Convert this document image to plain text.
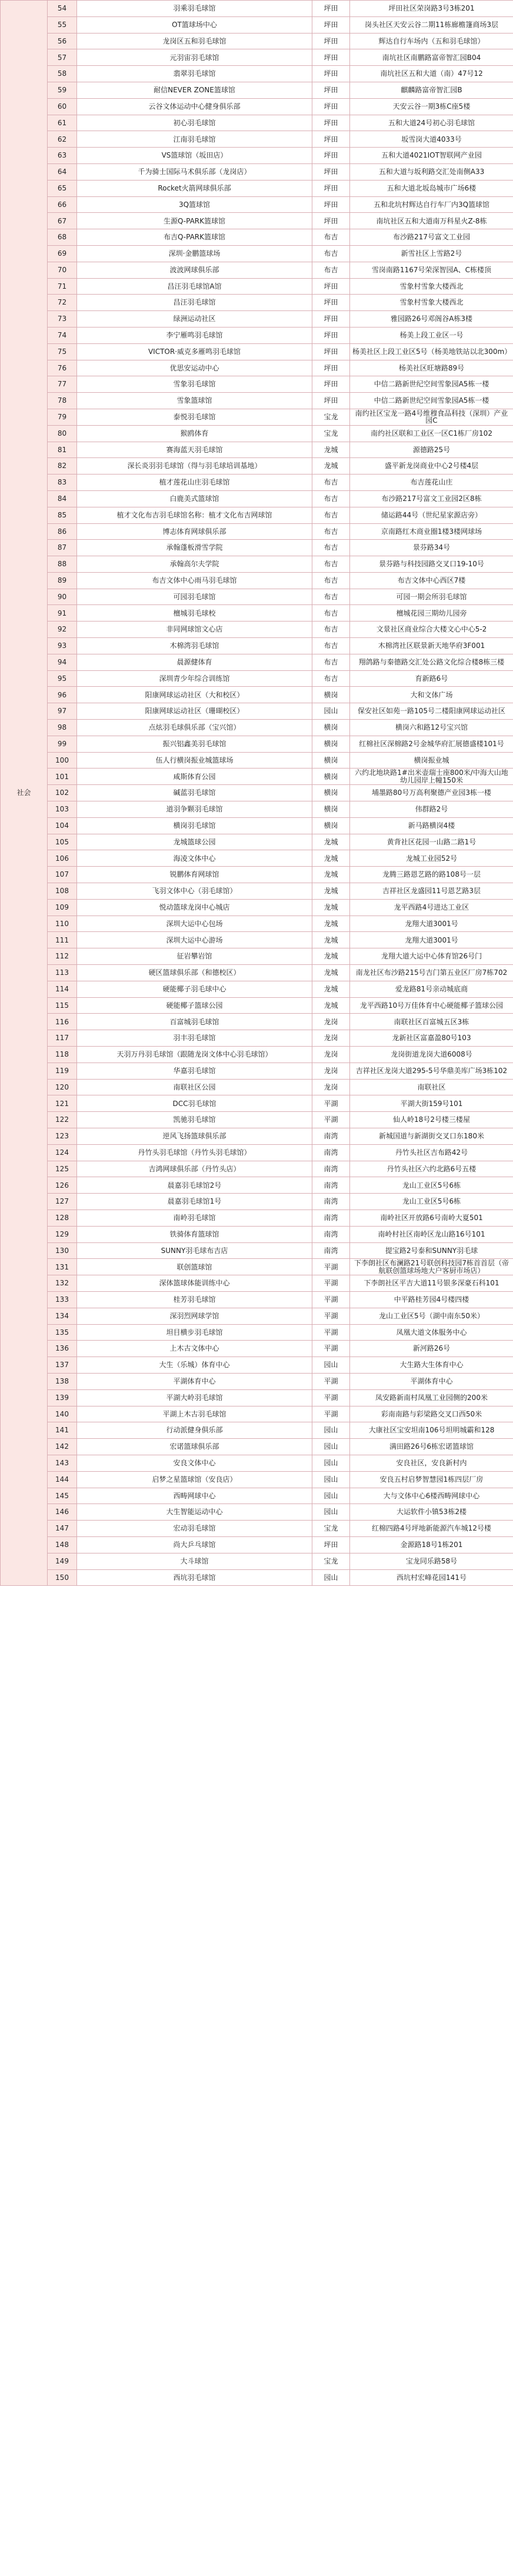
社会	54	羽乘羽毛球馆	坪田	坪田社区荣岗路3号3栋201
	55	OT篮球场中心	坪田	岗头社区天安云谷二期11栋廊檐篷商场3层
	56	龙岗区五和羽毛球馆	坪田	辉达自行车场内（五和羽毛球馆）
	57	元羽宙羽毛球馆	坪田	南坑社区南鹏路富帝智汇园B04
	58	翡翠羽毛球馆	坪田	南坑社区五和大道（南）47号12
	59	耐信NEVER ZONE篮球馆	坪田	麒麟路富帝智汇园B
	60	云谷文体运动中心健身俱乐部	坪田	天安云谷一期3栋C座5楼
	61	初心羽毛球馆	坪田	五和大道24号初心羽毛球馆
	62	江南羽毛球馆	坪田	坂雪岗大道4033号
	63	VS篮球馆（坂田店）	坪田	五和大道4021IOT智联网产业园
	64	千为骑士国际马术俱乐部（龙岗店）	坪田	五和大道与坂利路交汇处南侧A33
	65	Rocket火箭网球俱乐部	坪田	五和大道北坂岛城市广场6楼
	66	3Q篮球馆	坪田	五和北坑村辉达自行车厂内3Q篮球馆
	67	生源Q-PARK篮球馆	坪田	南坑社区五和大道南万科星火Z-8栋
	68	布吉Q-PARK篮球馆	布吉	布沙路217号富文工业园
	69	深圳·金鹏篮球场	布吉	新雪社区上雪路2号
	70	波波网球俱乐部	布吉	雪岗南路1167号荣深智园A、C栋楼顶
	71	昌汪羽毛球馆A馆	坪田	雪象村雪象大楼西北
	72	昌汪羽毛球馆	坪田	雪象村雪象大楼西北
	73	绿洲运动社区	坪田	雅园路26号邓阁谷A栋3楼
	74	李宁雁鸣羽毛球馆	坪田	杨美上段工业区一号
	75	VICTOR·威克多雁鸣羽毛球馆	坪田	杨美社区上段工业区5号（杨美地铁站以北300m）
	76	优思安运动中心	坪田	杨美社区旺塘路89号
	77	雪象羽毛球馆	坪田	中信二路新世纪空间雪象园A5栋一楼
	78	雪象篮球馆	坪田	中信二路新世纪空间雪象园A5栋一楼
	79	泰悦羽毛球馆	宝龙	南约社区宝龙一路4号维穆食品科技（深圳）产业园C
	80	猴鸥体育	宝龙	南约社区联和工业区一区C1栋厂房102
	81	赛海蓝天羽毛球馆	龙城	源德路25号
	82	深长炎羽羽毛球馆（得与羽毛球培训基地）	龙城	盛平新龙岗商业中心2号楼4层
	83	植才莲花山庄羽毛球馆	布吉	布吉莲花山庄
	84	白鹿美式篮球馆	布吉	布沙路217号富文工业园2区8栋
	85	植才文化布吉羽毛球馆名称：植才文化布吉网球馆	布吉	储运路44号（世纪星家源店旁）
	86	博志体育网球俱乐部	布吉	京南路红木商业圈1楼3楼网球场
	87	承翰蓬板滑雪学院	布吉	景芬路34号
	88	承翰高尔夫学院	布吉	景芬路与科技园路交叉口19-10号
	89	布吉文体中心雨马羽毛球馆	布吉	布吉文体中心西区7楼
	90	可园羽毛球馆	布吉	可园一期会所羽毛球馆
	91	檀城羽毛球校	布吉	檀城花园三期幼儿园旁
	92	非同网球馆文心店	布吉	文景社区商业综合大楼文心中心5-2
	93	木棉湾羽毛球馆	布吉	木棉湾社区联景新天地华府3F001
	94	晨源健体育	布吉	翔鸽路与秦德路交汇处公路文化综合楼8栋三楼
	95	深圳青少年综合训练馆	布吉	育新路6号
	96	阳康网球运动社区（大和校区）	横岗	大和文体广场
	97	阳康网球运动社区（珊瑚校区）	园山	保安社区如苑一路105号二楼阳康网球运动社区
	98	点炫羽毛球俱乐部（宝兴馆）	横岗	横岗六和路12号宝兴馆
	99	振兴铝鑫美羽毛球馆	横岗	红棉社区深棉路2号金城华府汇展德盛楼101号
	100	伍人行横岗振业城篮球场	横岗	横岗振业城
	101	咸斯体育公园	横岗	六约北地块路1#出米壶瑞士座800米/中海大山地幼儿园岸上幢150米
	102	碱蓝羽毛球馆	横岗	埔墨路80号万高利聚德产业园3栋一楼
	103	道羽争颗羽毛球馆	横岗	伟群路2号
	104	横岗羽毛球馆	横岗	新马路横岗4楼
	105	龙城篮球公园	龙城	黄背社区花园一山路二路1号
	106	海凌文体中心	龙城	龙城工业园52号
	107	锐鹏体育网球馆	龙城	龙腾三路恩艺路的路108号一层
	108	飞羽文体中心（羽毛球馆）	龙城	吉祥社区龙盛园11号恩艺路3层
	109	悦动篮球龙岗中心城店	龙城	龙平西路4号进达工业区
	110	深圳大运中心包场	龙城	龙翔大道3001号
	111	深圳大运中心游场	龙城	龙翔大道3001号
	112	征岩攀岩馆	龙城	龙翔大道大运中心体育馆26号门
	113	硬区篮球俱乐部（和德校区）	龙城	南龙社区布沙路215号吉门第五业区厂房7栋702
	114	硬能椰子羽毛球中心	龙城	爱龙路81号亲动城底商
	115	硬能椰子篮球公园	龙城	龙平西路10号万佳体育中心硬能椰子篮球公园
	116	百富城羽毛球馆	龙岗	南联社区百富城五区3栋
	117	羽丰羽毛球馆	龙岗	龙新社区富嘉盈80号103
	118	天羽万丹羽毛球馆（跟随龙岗文体中心羽毛球馆）	龙岗	龙岗街道龙岗大道6008号
	119	华嘉羽毛球馆	龙岗	吉祥社区龙岗大道295-5号华鼎美库广场3栋102
	120	南联社区公园	龙岗	南联社区
	121	DCC羽毛球馆	平湖	平湖大街159号101
	122	凯驰羽毛球馆	平湖	仙人岭18号2号楼三楼屋
	123	逆风飞扬篮球俱乐部	南湾	新城国道与新湖街交叉口东180米
	124	丹竹头羽毛球馆（丹竹头羽毛球馆）	南湾	丹竹头社区吉布路42号
	125	吉鸿网球俱乐部（丹竹头店）	南湾	丹竹头社区六约北路6号五楼
	126	晨嘉羽毛球馆2号	南湾	龙山工业区5号6栋
	127	晨嘉羽毛球馆1号	南湾	龙山工业区5号6栋
	128	南岭羽毛球馆	南湾	南岭社区开放路6号南岭大夏501
	129	铁骑体育篮球馆	南湾	南岭村社区南岭区龙山路16号101
	130	SUNNY羽毛球布吉店	南湾	提宝路2号泰和SUNNY羽毛球
	131	联创篮球馆	平湖	下李朗社区布澜路21号联创科技园7栋首首层（帝航联创篮球场地大户客厨市场店）
	132	深体篮球体能训练中心	平湖	下李朗社区平吉大道11号银多深豪石科101
	133	桂芳羽毛球馆	平湖	中平路桂芳园4号楼四楼
	134	深羽烈网球学馆	平湖	龙山工业区5号（湖中南东50米）
	135	坦目横步羽毛球馆	平湖	凤凰大道文体服务中心
	136	上木古文体中心	平湖	新河路26号
	137	大生（乐城）体育中心	园山	大生路大生体育中心
	138	平湖体育中心	平湖	平湖体育中心
	139	平湖大岭羽毛球馆	平湖	凤安路新南村凤凰工业园侧的200米
	140	平湖上木古羽毛球馆	平湖	彩南南路与彩梁路交叉口西50米
	141	行动派健身俱乐部	园山	大康社区宝安坦南106号坦明城霸和128
	142	宏诺篮球俱乐部	园山	满田路26号6栋宏诺篮球馆
	143	安良文体中心	园山	安良社区，安良新村内
	144	启梦之星篮球馆（安良店）	园山	安良五村启梦智慧园1栋四层厂房
	145	西畴网球中心	园山	大与文体中心6楼西畴网球中心
	146	大生智能运动中心	园山	大运软件小镇53栋2楼
	147	宏动羽毛球馆	宝龙	红棉四路4号坪地新能源汽车城12号楼
	148	尚大乒乓球馆	坪田	金源路18号1栋201
	149	大斗球馆	宝龙	宝龙同乐路58号
	150	西坑羽毛球馆	园山	西坑村宏峰花园141号
